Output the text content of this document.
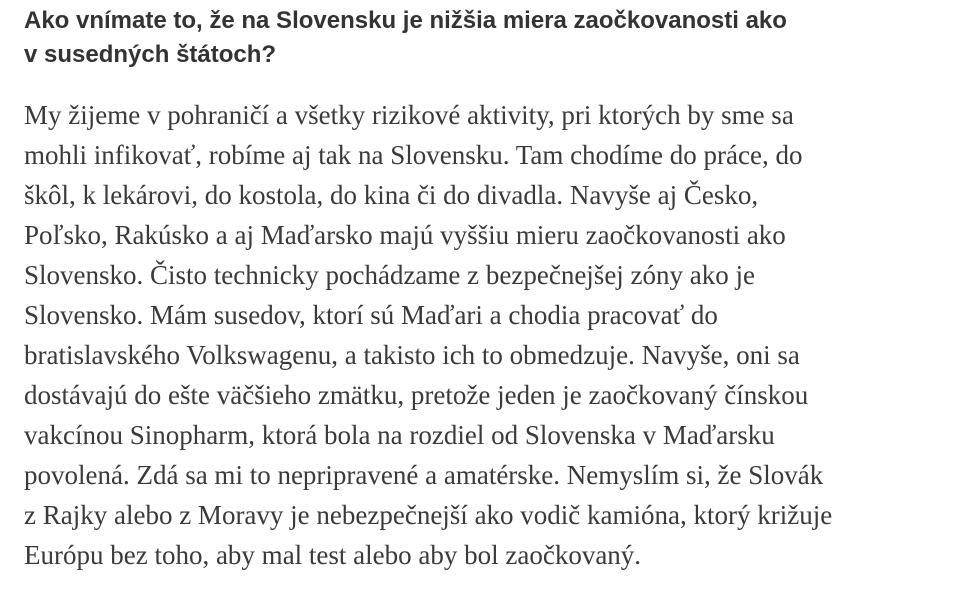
Ako vnímate to, že na Slovensku je nižšia miera zaočkovanosti ako
v susedných štátoch?

My žijeme v pohraničí a všetky rizikové aktivity, pri ktorých by sme sa
mohli infikovať, robíme aj tak na Slovensku. Tam chodíme do práce, do
škôl, k lekárovi, do kostola, do kina či do divadla. Navyše aj Česko,
Poľsko, Rakúsko a aj Maďarsko majú vyššiu mieru zaočkovanosti ako
Slovensko. Čisto technicky pochádzame z bezpečnejšej zóny ako je
Slovensko. Mám susedov, ktorí sú Maďari a chodia pracovať do
bratislavského Volkswagenu, a takisto ich to obmedzuje. Navyše, oni sa
dostávajú do ešte väčšieho zmätku, pretože jeden je zaočkovaný čínskou
vakcínou Sinopharm, ktorá bola na rozdiel od Slovenska v Maďarsku
povolená. Zdá sa mi to nepripravené a amatérske. Nemyslím si, že Slovák
z Rajky alebo z Moravy je nebezpečnejší ako vodič kamióna, ktorý križuje
Európu bez toho, aby mal test alebo aby bol zaočkovaný.
